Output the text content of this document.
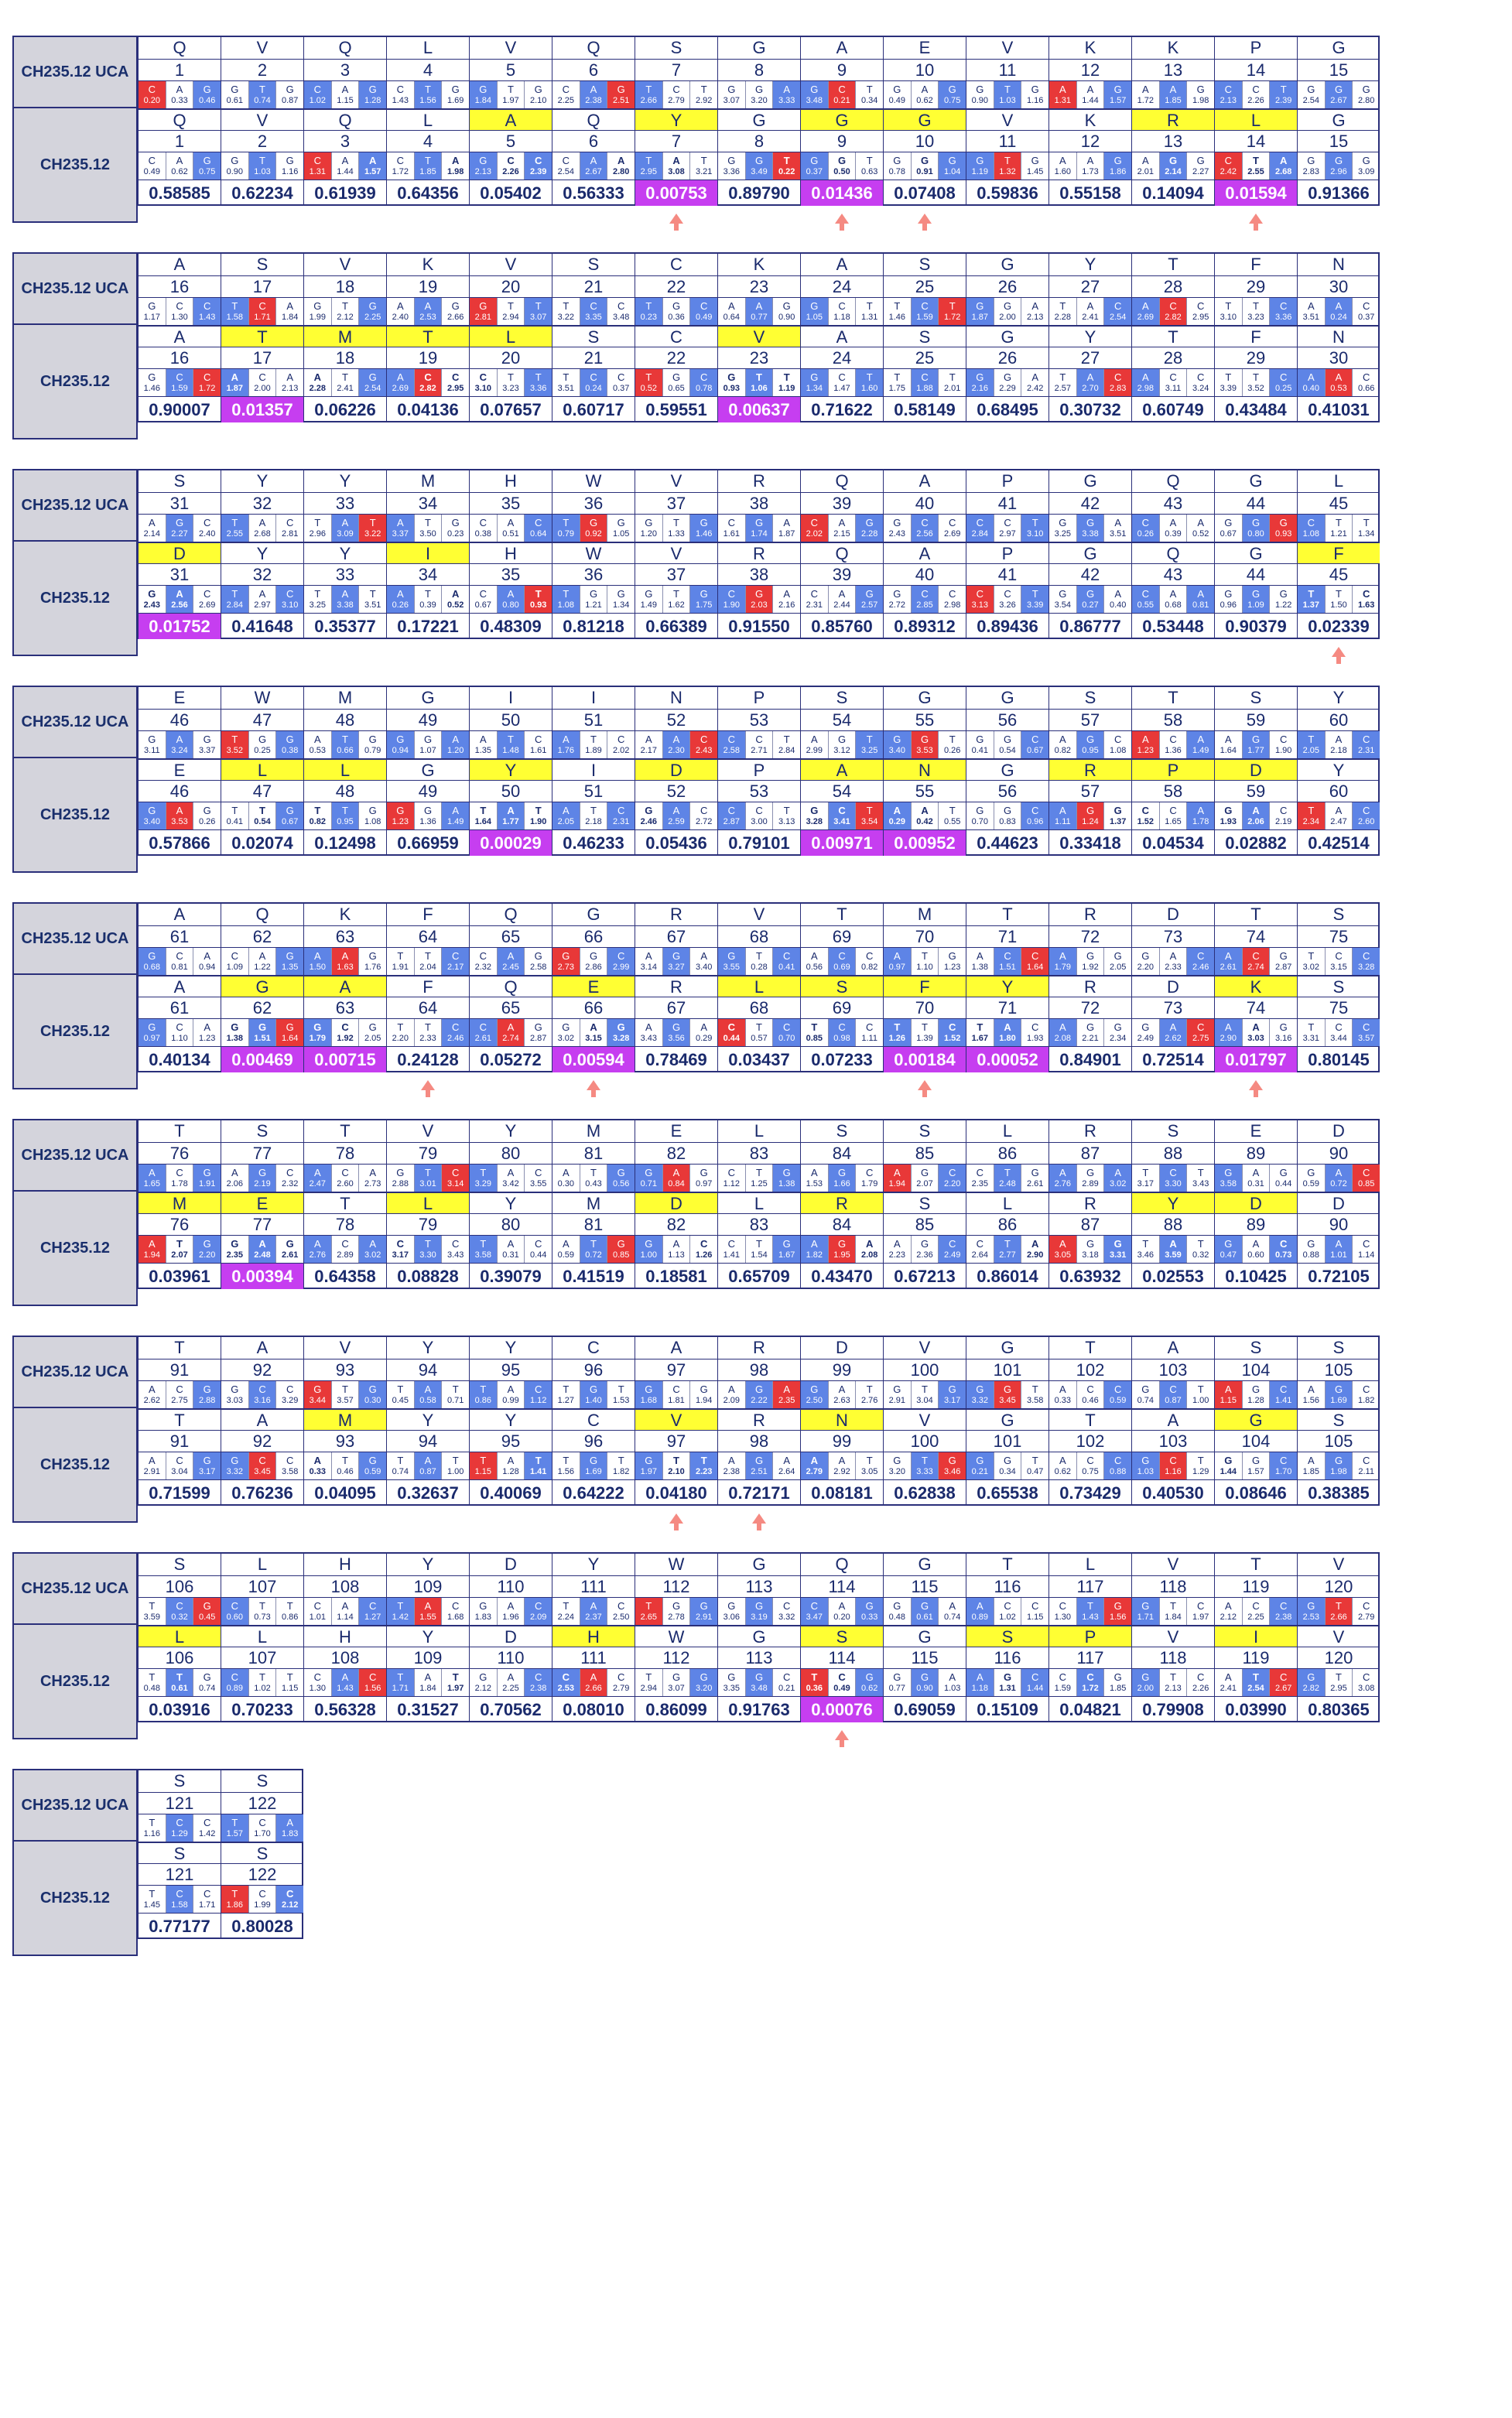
CH235.12 UCA
CH235.12
Q
1
C
0.20
A
0.33
G
0.46
Q
1
C
0.49
A
0.62
G
0.75
0.58585
V
2
G
0.61
T
0.74
G
0.87
V
2
G
0.90
T
1.03
G
1.16
0.62234
Q
3
C
1.02
A
1.15
G
1.28
Q
3
C
1.31
A
1.44
A
1.57
0.61939
L
4
C
1.43
T
1.56
G
1.69
L
4
C
1.72
T
1.85
A
1.98
0.64356
V
5
G
1.84
T
1.97
G
2.10
A
5
G
2.13
C
2.26
C
2.39
0.05402
Q
6
C
2.25
A
2.38
G
2.51
Q
6
C
2.54
A
2.67
A
2.80
0.56333
S
7
T
2.66
C
2.79
T
2.92
Y
7
T
2.95
A
3.08
T
3.21
0.00753
G
8
G
3.07
G
3.20
A
3.33
G
8
G
3.36
G
3.49
T
0.22
0.89790
A
9
G
3.48
C
0.21
T
0.34
G
9
G
0.37
G
0.50
T
0.63
0.01436
E
10
G
0.49
A
0.62
G
0.75
G
10
G
0.78
G
0.91
G
1.04
0.07408
V
11
G
0.90
T
1.03
G
1.16
V
11
G
1.19
T
1.32
G
1.45
0.59836
K
12
A
1.31
A
1.44
G
1.57
K
12
A
1.60
A
1.73
G
1.86
0.55158
K
13
A
1.72
A
1.85
G
1.98
R
13
A
2.01
G
2.14
G
2.27
0.14094
P
14
C
2.13
C
2.26
T
2.39
L
14
C
2.42
T
2.55
A
2.68
0.01594
G
15
G
2.54
G
2.67
G
2.80
G
15
G
2.83
G
2.96
G
3.09
0.91366
CH235.12 UCA
CH235.12
A
16
G
1.17
C
1.30
C
1.43
A
16
G
1.46
C
1.59
C
1.72
0.90007
S
17
T
1.58
C
1.71
A
1.84
T
17
A
1.87
C
2.00
A
2.13
0.01357
V
18
G
1.99
T
2.12
G
2.25
M
18
A
2.28
T
2.41
G
2.54
0.06226
K
19
A
2.40
A
2.53
G
2.66
T
19
A
2.69
C
2.82
C
2.95
0.04136
V
20
G
2.81
T
2.94
T
3.07
L
20
C
3.10
T
3.23
T
3.36
0.07657
S
21
T
3.22
C
3.35
C
3.48
S
21
T
3.51
C
0.24
C
0.37
0.60717
C
22
T
0.23
G
0.36
C
0.49
C
22
T
0.52
G
0.65
C
0.78
0.59551
K
23
A
0.64
A
0.77
G
0.90
V
23
G
0.93
T
1.06
T
1.19
0.00637
A
24
G
1.05
C
1.18
T
1.31
A
24
G
1.34
C
1.47
T
1.60
0.71622
S
25
T
1.46
C
1.59
T
1.72
S
25
T
1.75
C
1.88
T
2.01
0.58149
G
26
G
1.87
G
2.00
A
2.13
G
26
G
2.16
G
2.29
A
2.42
0.68495
Y
27
T
2.28
A
2.41
C
2.54
Y
27
T
2.57
A
2.70
C
2.83
0.30732
T
28
A
2.69
C
2.82
C
2.95
T
28
A
2.98
C
3.11
C
3.24
0.60749
F
29
T
3.10
T
3.23
C
3.36
F
29
T
3.39
T
3.52
C
0.25
0.43484
N
30
A
3.51
A
0.24
C
0.37
N
30
A
0.40
A
0.53
C
0.66
0.41031
CH235.12 UCA
CH235.12
S
31
A
2.14
G
2.27
C
2.40
D
31
G
2.43
A
2.56
C
2.69
0.01752
Y
32
T
2.55
A
2.68
C
2.81
Y
32
T
2.84
A
2.97
C
3.10
0.41648
Y
33
T
2.96
A
3.09
T
3.22
Y
33
T
3.25
A
3.38
T
3.51
0.35377
M
34
A
3.37
T
3.50
G
0.23
I
34
A
0.26
T
0.39
A
0.52
0.17221
H
35
C
0.38
A
0.51
C
0.64
H
35
C
0.67
A
0.80
T
0.93
0.48309
W
36
T
0.79
G
0.92
G
1.05
W
36
T
1.08
G
1.21
G
1.34
0.81218
V
37
G
1.20
T
1.33
G
1.46
V
37
G
1.49
T
1.62
G
1.75
0.66389
R
38
C
1.61
G
1.74
A
1.87
R
38
C
1.90
G
2.03
A
2.16
0.91550
Q
39
C
2.02
A
2.15
G
2.28
Q
39
C
2.31
A
2.44
G
2.57
0.85760
A
40
G
2.43
C
2.56
C
2.69
A
40
G
2.72
C
2.85
C
2.98
0.89312
P
41
C
2.84
C
2.97
T
3.10
P
41
C
3.13
C
3.26
T
3.39
0.89436
G
42
G
3.25
G
3.38
A
3.51
G
42
G
3.54
G
0.27
A
0.40
0.86777
Q
43
C
0.26
A
0.39
A
0.52
Q
43
C
0.55
A
0.68
A
0.81
0.53448
G
44
G
0.67
G
0.80
G
0.93
G
44
G
0.96
G
1.09
G
1.22
0.90379
L
45
C
1.08
T
1.21
T
1.34
F
45
T
1.37
T
1.50
C
1.63
0.02339
CH235.12 UCA
CH235.12
E
46
G
3.11
A
3.24
G
3.37
E
46
G
3.40
A
3.53
G
0.26
0.57866
W
47
T
3.52
G
0.25
G
0.38
L
47
T
0.41
T
0.54
G
0.67
0.02074
M
48
A
0.53
T
0.66
G
0.79
L
48
T
0.82
T
0.95
G
1.08
0.12498
G
49
G
0.94
G
1.07
A
1.20
G
49
G
1.23
G
1.36
A
1.49
0.66959
I
50
A
1.35
T
1.48
C
1.61
Y
50
T
1.64
A
1.77
T
1.90
0.00029
I
51
A
1.76
T
1.89
C
2.02
I
51
A
2.05
T
2.18
C
2.31
0.46233
N
52
A
2.17
A
2.30
C
2.43
D
52
G
2.46
A
2.59
C
2.72
0.05436
P
53
C
2.58
C
2.71
T
2.84
P
53
C
2.87
C
3.00
T
3.13
0.79101
S
54
A
2.99
G
3.12
T
3.25
A
54
G
3.28
C
3.41
T
3.54
0.00971
G
55
G
3.40
G
3.53
T
0.26
N
55
A
0.29
A
0.42
T
0.55
0.00952
G
56
G
0.41
G
0.54
C
0.67
G
56
G
0.70
G
0.83
C
0.96
0.44623
S
57
A
0.82
G
0.95
C
1.08
R
57
A
1.11
G
1.24
G
1.37
0.33418
T
58
A
1.23
C
1.36
A
1.49
P
58
C
1.52
C
1.65
A
1.78
0.04534
S
59
A
1.64
G
1.77
C
1.90
D
59
G
1.93
A
2.06
C
2.19
0.02882
Y
60
T
2.05
A
2.18
C
2.31
Y
60
T
2.34
A
2.47
C
2.60
0.42514
CH235.12 UCA
CH235.12
A
61
G
0.68
C
0.81
A
0.94
A
61
G
0.97
C
1.10
A
1.23
0.40134
Q
62
C
1.09
A
1.22
G
1.35
G
62
G
1.38
G
1.51
G
1.64
0.00469
K
63
A
1.50
A
1.63
G
1.76
A
63
G
1.79
C
1.92
G
2.05
0.00715
F
64
T
1.91
T
2.04
C
2.17
F
64
T
2.20
T
2.33
C
2.46
0.24128
Q
65
C
2.32
A
2.45
G
2.58
Q
65
C
2.61
A
2.74
G
2.87
0.05272
G
66
G
2.73
G
2.86
C
2.99
E
66
G
3.02
A
3.15
G
3.28
0.00594
R
67
A
3.14
G
3.27
A
3.40
R
67
A
3.43
G
3.56
A
0.29
0.78469
V
68
G
3.55
T
0.28
C
0.41
L
68
C
0.44
T
0.57
C
0.70
0.03437
T
69
A
0.56
C
0.69
C
0.82
S
69
T
0.85
C
0.98
C
1.11
0.07233
M
70
A
0.97
T
1.10
G
1.23
F
70
T
1.26
T
1.39
C
1.52
0.00184
T
71
A
1.38
C
1.51
C
1.64
Y
71
T
1.67
A
1.80
C
1.93
0.00052
R
72
A
1.79
G
1.92
G
2.05
R
72
A
2.08
G
2.21
G
2.34
0.84901
D
73
G
2.20
A
2.33
C
2.46
D
73
G
2.49
A
2.62
C
2.75
0.72514
T
74
A
2.61
C
2.74
G
2.87
K
74
A
2.90
A
3.03
G
3.16
0.01797
S
75
T
3.02
C
3.15
C
3.28
S
75
T
3.31
C
3.44
C
3.57
0.80145
CH235.12 UCA
CH235.12
T
76
A
1.65
C
1.78
G
1.91
M
76
A
1.94
T
2.07
G
2.20
0.03961
S
77
A
2.06
G
2.19
C
2.32
E
77
G
2.35
A
2.48
G
2.61
0.00394
T
78
A
2.47
C
2.60
A
2.73
T
78
A
2.76
C
2.89
A
3.02
0.64358
V
79
G
2.88
T
3.01
C
3.14
L
79
C
3.17
T
3.30
C
3.43
0.08828
Y
80
T
3.29
A
3.42
C
3.55
Y
80
T
3.58
A
0.31
C
0.44
0.39079
M
81
A
0.30
T
0.43
G
0.56
M
81
A
0.59
T
0.72
G
0.85
0.41519
E
82
G
0.71
A
0.84
G
0.97
D
82
G
1.00
A
1.13
C
1.26
0.18581
L
83
C
1.12
T
1.25
G
1.38
L
83
C
1.41
T
1.54
G
1.67
0.65709
S
84
A
1.53
G
1.66
C
1.79
R
84
A
1.82
G
1.95
A
2.08
0.43470
S
85
A
1.94
G
2.07
C
2.20
S
85
A
2.23
G
2.36
C
2.49
0.67213
L
86
C
2.35
T
2.48
G
2.61
L
86
C
2.64
T
2.77
A
2.90
0.86014
R
87
A
2.76
G
2.89
A
3.02
R
87
A
3.05
G
3.18
G
3.31
0.63932
S
88
T
3.17
C
3.30
T
3.43
Y
88
T
3.46
A
3.59
T
0.32
0.02553
E
89
G
3.58
A
0.31
G
0.44
D
89
G
0.47
A
0.60
C
0.73
0.10425
D
90
G
0.59
A
0.72
C
0.85
D
90
G
0.88
A
1.01
C
1.14
0.72105
CH235.12 UCA
CH235.12
T
91
A
2.62
C
2.75
G
2.88
T
91
A
2.91
C
3.04
G
3.17
0.71599
A
92
G
3.03
C
3.16
C
3.29
A
92
G
3.32
C
3.45
C
3.58
0.76236
V
93
G
3.44
T
3.57
G
0.30
M
93
A
0.33
T
0.46
G
0.59
0.04095
Y
94
T
0.45
A
0.58
T
0.71
Y
94
T
0.74
A
0.87
T
1.00
0.32637
Y
95
T
0.86
A
0.99
C
1.12
Y
95
T
1.15
A
1.28
T
1.41
0.40069
C
96
T
1.27
G
1.40
T
1.53
C
96
T
1.56
G
1.69
T
1.82
0.64222
A
97
G
1.68
C
1.81
G
1.94
V
97
G
1.97
T
2.10
T
2.23
0.04180
R
98
A
2.09
G
2.22
A
2.35
R
98
A
2.38
G
2.51
A
2.64
0.72171
D
99
G
2.50
A
2.63
T
2.76
N
99
A
2.79
A
2.92
T
3.05
0.08181
V
100
G
2.91
T
3.04
G
3.17
V
100
G
3.20
T
3.33
G
3.46
0.62838
G
101
G
3.32
G
3.45
T
3.58
G
101
G
0.21
G
0.34
T
0.47
0.65538
T
102
A
0.33
C
0.46
C
0.59
T
102
A
0.62
C
0.75
C
0.88
0.73429
A
103
G
0.74
C
0.87
T
1.00
A
103
G
1.03
C
1.16
T
1.29
0.40530
S
104
A
1.15
G
1.28
C
1.41
G
104
G
1.44
G
1.57
C
1.70
0.08646
S
105
A
1.56
G
1.69
C
1.82
S
105
A
1.85
G
1.98
C
2.11
0.38385
CH235.12 UCA
CH235.12
S
106
T
3.59
C
0.32
G
0.45
L
106
T
0.48
T
0.61
G
0.74
0.03916
L
107
C
0.60
T
0.73
T
0.86
L
107
C
0.89
T
1.02
T
1.15
0.70233
H
108
C
1.01
A
1.14
C
1.27
H
108
C
1.30
A
1.43
C
1.56
0.56328
Y
109
T
1.42
A
1.55
C
1.68
Y
109
T
1.71
A
1.84
T
1.97
0.31527
D
110
G
1.83
A
1.96
C
2.09
D
110
G
2.12
A
2.25
C
2.38
0.70562
Y
111
T
2.24
A
2.37
C
2.50
H
111
C
2.53
A
2.66
C
2.79
0.08010
W
112
T
2.65
G
2.78
G
2.91
W
112
T
2.94
G
3.07
G
3.20
0.86099
G
113
G
3.06
G
3.19
C
3.32
G
113
G
3.35
G
3.48
C
0.21
0.91763
Q
114
C
3.47
A
0.20
G
0.33
S
114
T
0.36
C
0.49
G
0.62
0.00076
G
115
G
0.48
G
0.61
A
0.74
G
115
G
0.77
G
0.90
A
1.03
0.69059
T
116
A
0.89
C
1.02
C
1.15
S
116
A
1.18
G
1.31
C
1.44
0.15109
L
117
C
1.30
T
1.43
G
1.56
P
117
C
1.59
C
1.72
G
1.85
0.04821
V
118
G
1.71
T
1.84
C
1.97
V
118
G
2.00
T
2.13
C
2.26
0.79908
T
119
A
2.12
C
2.25
C
2.38
I
119
A
2.41
T
2.54
C
2.67
0.03990
V
120
G
2.53
T
2.66
C
2.79
V
120
G
2.82
T
2.95
C
3.08
0.80365
CH235.12 UCA
CH235.12
S
121
T
1.16
C
1.29
C
1.42
S
121
T
1.45
C
1.58
C
1.71
0.77177
S
122
T
1.57
C
1.70
A
1.83
S
122
T
1.86
C
1.99
C
2.12
0.80028
